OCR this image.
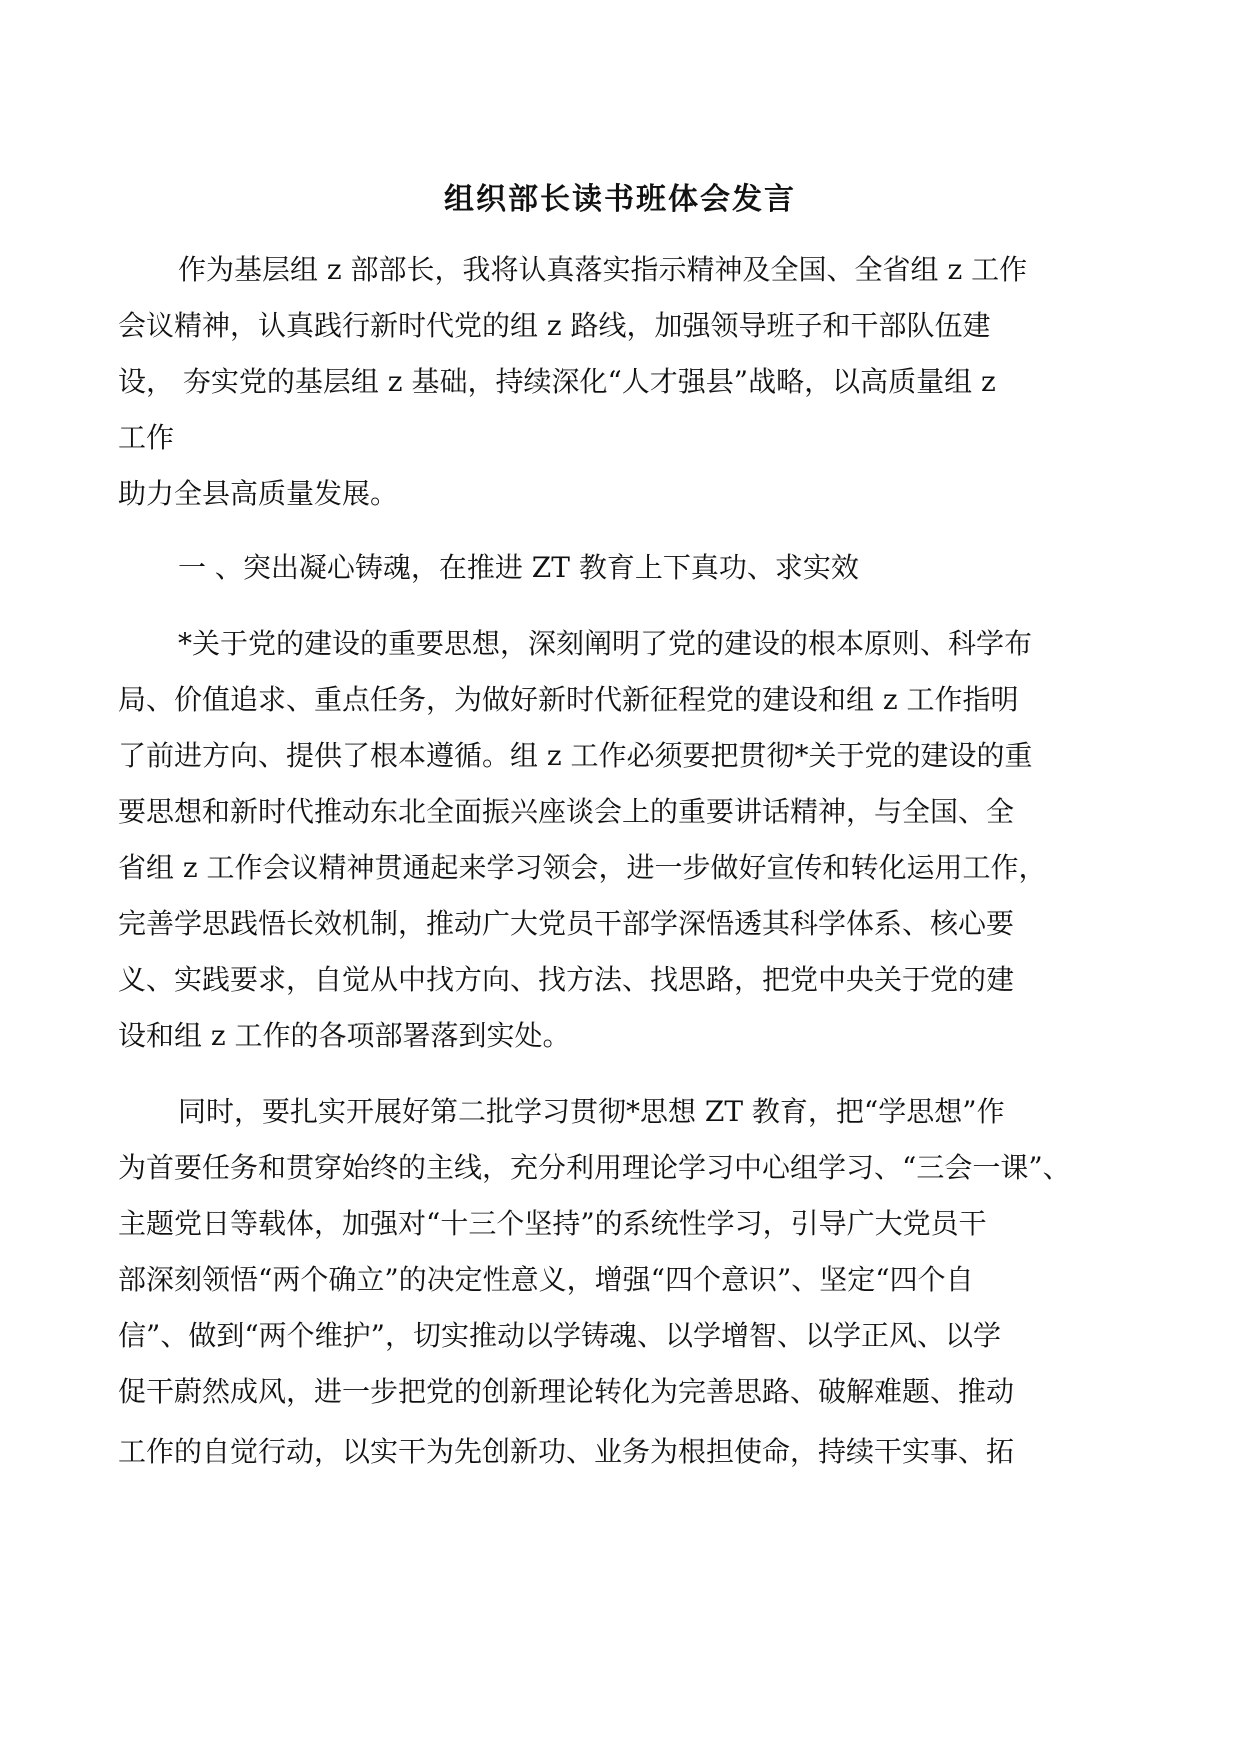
组织部长读书班体会发言
作为基层组 z 部部长，我将认真落实指示精神及全国、全省组 z 工作
会议精神，认真践行新时代党的组 z 路线，加强领导班子和干部队伍建
设， 夯实党的基层组 z 基础，持续深化“人才强县”战略，以高质量组 z
工作
助力全县高质量发展。
一 、突出凝心铸魂，在推进 ZT 教育上下真功、求实效
*关于党的建设的重要思想，深刻阐明了党的建设的根本原则、科学布
局、价值追求、重点任务，为做好新时代新征程党的建设和组 z 工作指明
了前进方向、提供了根本遵循。组 z 工作必须要把贯彻*关于党的建设的重
要思想和新时代推动东北全面振兴座谈会上的重要讲话精神，与全国、全
省组 z 工作会议精神贯通起来学习领会，进一步做好宣传和转化运用工作，
完善学思践悟长效机制，推动广大党员干部学深悟透其科学体系、核心要
义、实践要求，自觉从中找方向、找方法、找思路，把党中央关于党的建
设和组 z 工作的各项部署落到实处。
同时，要扎实开展好第二批学习贯彻*思想 ZT 教育，把“学思想”作
为首要任务和贯穿始终的主线，充分利用理论学习中心组学习、“三会一课”、
主题党日等载体，加强对“十三个坚持”的系统性学习，引导广大党员干
部深刻领悟“两个确立”的决定性意义，增强“四个意识”、坚定“四个自
信”、做到“两个维护”，切实推动以学铸魂、以学增智、以学正风、以学
促干蔚然成风，进一步把党的创新理论转化为完善思路、破解难题、推动
工作的自觉行动，以实干为先创新功、业务为根担使命，持续干实事、拓
